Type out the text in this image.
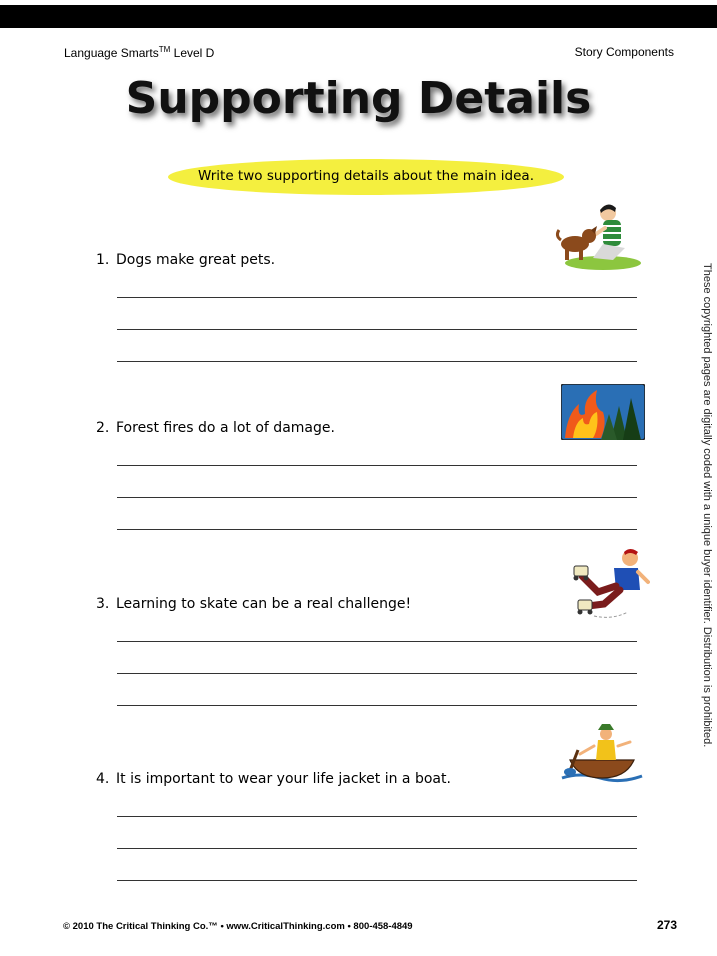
Language Smarts™ Level D	Story Components
Supporting Details
Write two supporting details about the main idea.
1. Dogs make great pets.
2. Forest fires do a lot of damage.
3. Learning to skate can be a real challenge!
4. It is important to wear your life jacket in a boat.
These copyrighted pages are digitally coded with a unique buyer identifier. Distribution is prohibited.
© 2010 The Critical Thinking Co.™ • www.CriticalThinking.com • 800-458-4849	273
